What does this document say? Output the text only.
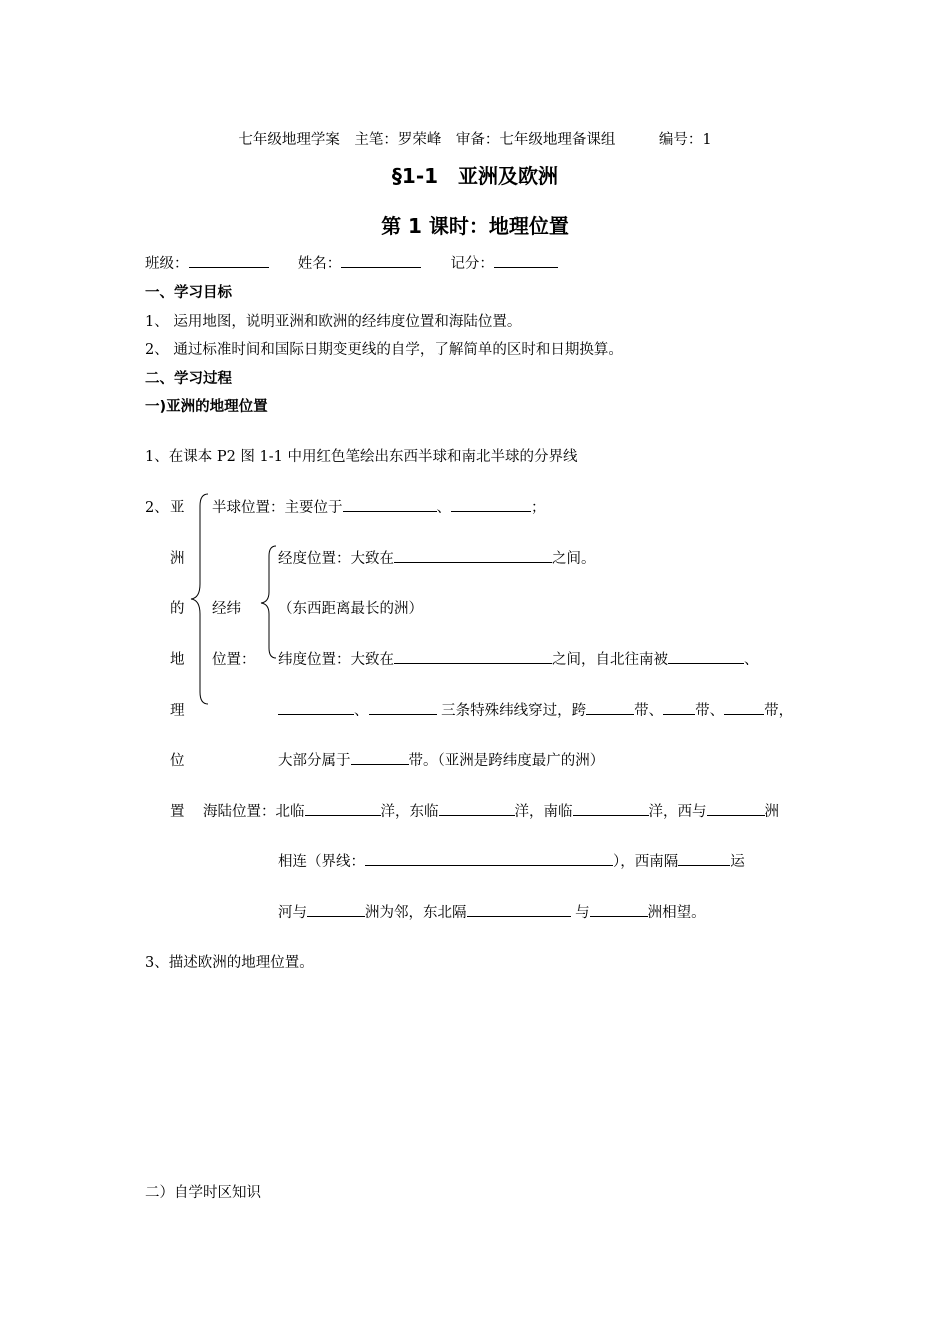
七年级地理学案　主笔：罗荣峰　审备：七年级地理备课组　　　编号：1
§1-1　亚洲及欧洲
第 1 课时：地理位置
班级：	姓名：	记分：
一、学习目标
1、 运用地图，说明亚洲和欧洲的经纬度位置和海陆位置。
2、 通过标准时间和国际日期变更线的自学，了解简单的区时和日期换算。
二、学习过程
一)亚洲的地理位置
1、在课本 P2 图 1-1 中用红色笔绘出东西半球和南北半球的分界线
2、 亚
洲
的
地
理
位
置
半球位置：主要位于	、	；
经度位置：大致在	之间。
经纬	（东西距离最长的洲）
位置： 纬度位置：大致在	之间，自北往南被	、
、	三条特殊纬线穿过，跨	带、 带、	带，
大部分属于	带。（亚洲是跨纬度最广的洲）
海陆位置：北临	洋，东临	洋，南临	洋，西与	洲
相连（界线：	），西南隔	运
河与	洲为邻，东北隔	与	洲相望。
3、描述欧洲的地理位置。
二）自学时区知识
